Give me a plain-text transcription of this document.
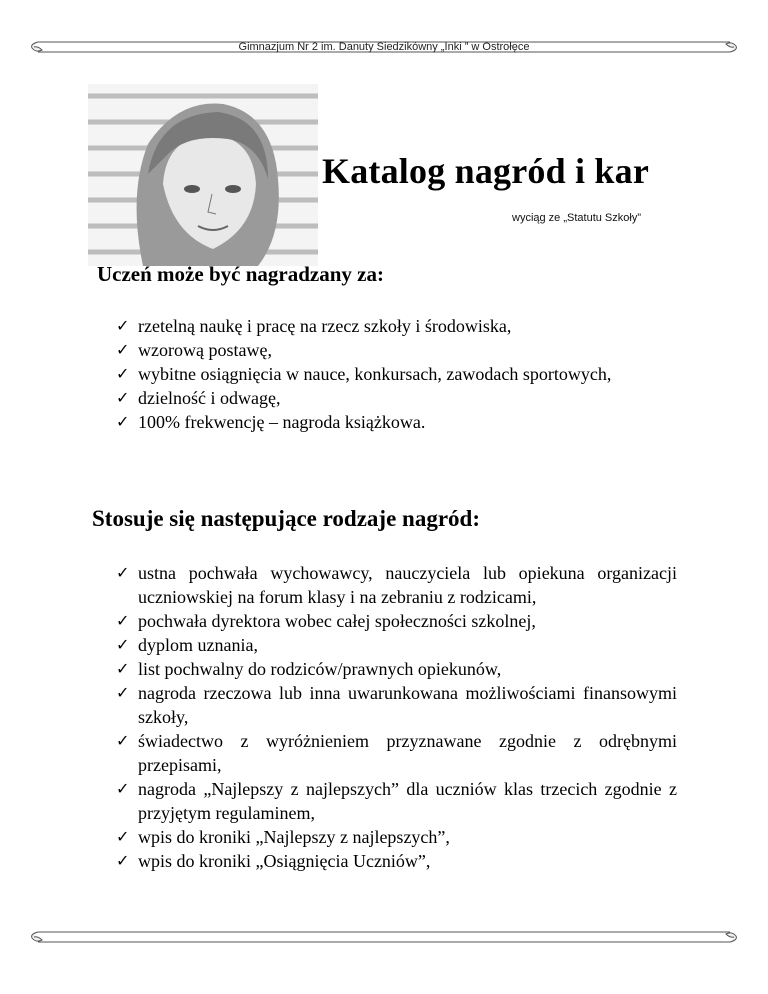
Gimnazjum Nr 2 im. Danuty Siedzikówny „Inki ” w Ostrołęce
Katalog nagród i kar
wyciąg ze „Statutu Szkoły”
Uczeń może być nagradzany za:
✓ rzetelną naukę i pracę na rzecz szkoły i środowiska,
✓ wzorową postawę,
✓ wybitne osiągnięcia w nauce, konkursach, zawodach sportowych,
✓ dzielność i odwagę,
✓ 100% frekwencję – nagroda książkowa.
Stosuje się następujące rodzaje nagród:
✓ ustna pochwała wychowawcy, nauczyciela lub opiekuna organizacji uczniowskiej na forum klasy i na zebraniu z rodzicami,
✓ pochwała dyrektora wobec całej społeczności szkolnej,
✓ dyplom uznania,
✓ list pochwalny do rodziców/prawnych opiekunów,
✓ nagroda rzeczowa lub inna uwarunkowana możliwościami finansowymi szkoły,
✓ świadectwo z wyróżnieniem przyznawane zgodnie z odrębnymi przepisami,
✓ nagroda „Najlepszy z najlepszych” dla uczniów klas trzecich zgodnie z przyjętym regulaminem,
✓ wpis do kroniki „Najlepszy z najlepszych”,
✓ wpis do kroniki „Osiągnięcia Uczniów”,
